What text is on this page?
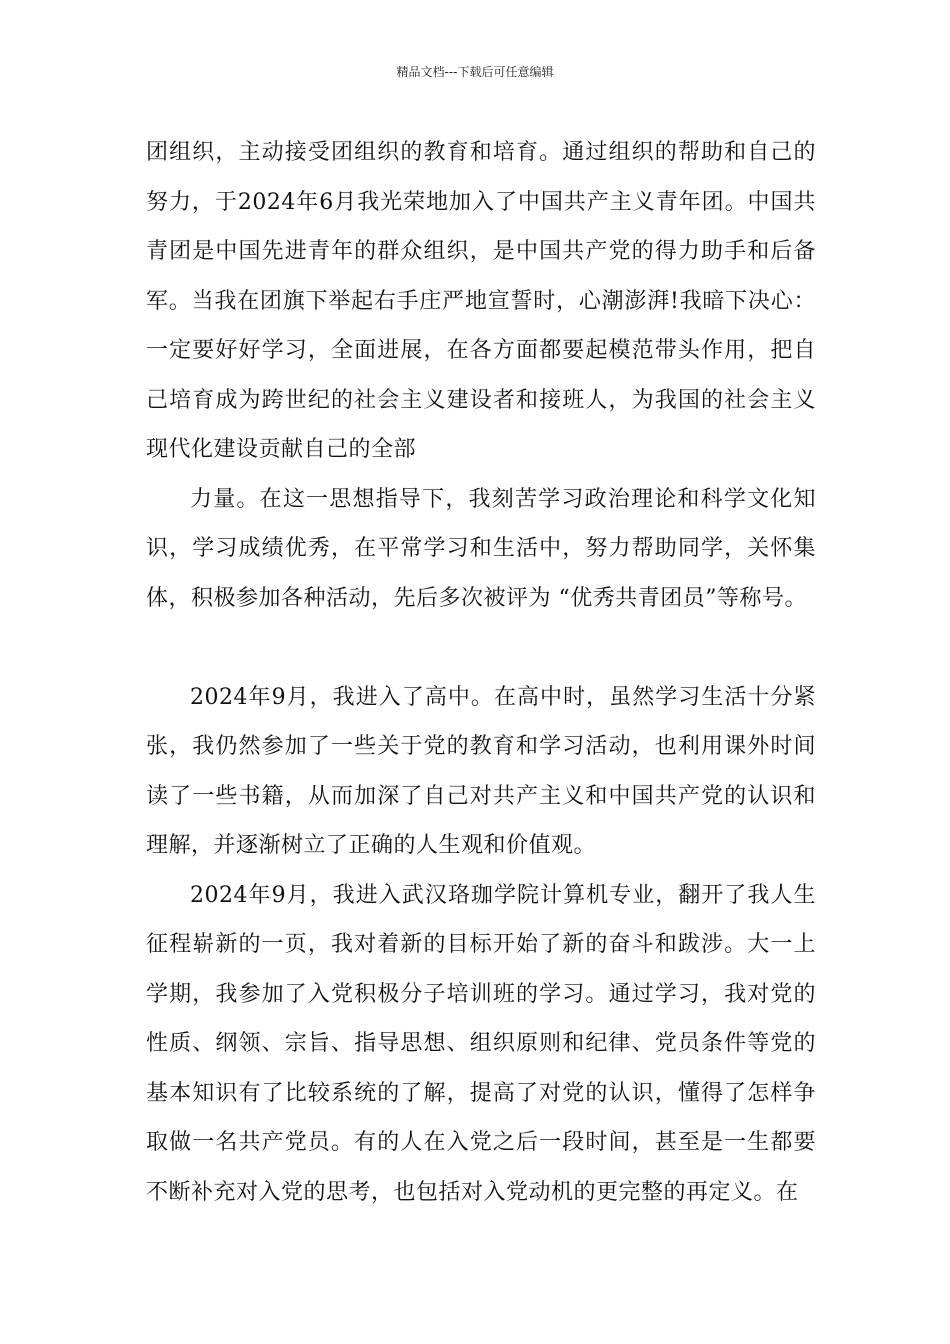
精品文档---下载后可任意编辑

团组织，主动接受团组织的教育和培育。通过组织的帮助和自己的努力，于2024年6月我光荣地加入了中国共产主义青年团。中国共青团是中国先进青年的群众组织，是中国共产党的得力助手和后备军。当我在团旗下举起右手庄严地宣誓时，心潮澎湃!我暗下决心：一定要好好学习，全面进展，在各方面都要起模范带头作用，把自己培育成为跨世纪的社会主义建设者和接班人，为我国的社会主义现代化建设贡献自己的全部

力量。在这一思想指导下，我刻苦学习政治理论和科学文化知识，学习成绩优秀，在平常学习和生活中，努力帮助同学，关怀集体，积极参加各种活动，先后多次被评为 “优秀共青团员”等称号。

2024年9月，我进入了高中。在高中时，虽然学习生活十分紧张，我仍然参加了一些关于党的教育和学习活动，也利用课外时间读了一些书籍，从而加深了自己对共产主义和中国共产党的认识和理解，并逐渐树立了正确的人生观和价值观。

2024年9月，我进入武汉珞珈学院计算机专业，翻开了我人生征程崭新的一页，我对着新的目标开始了新的奋斗和跋涉。大一上学期，我参加了入党积极分子培训班的学习。通过学习，我对党的性质、纲领、宗旨、指导思想、组织原则和纪律、党员条件等党的基本知识有了比较系统的了解，提高了对党的认识，懂得了怎样争取做一名共产党员。有的人在入党之后一段时间，甚至是一生都要不断补充对入党的思考，也包括对入党动机的更完整的再定义。在
